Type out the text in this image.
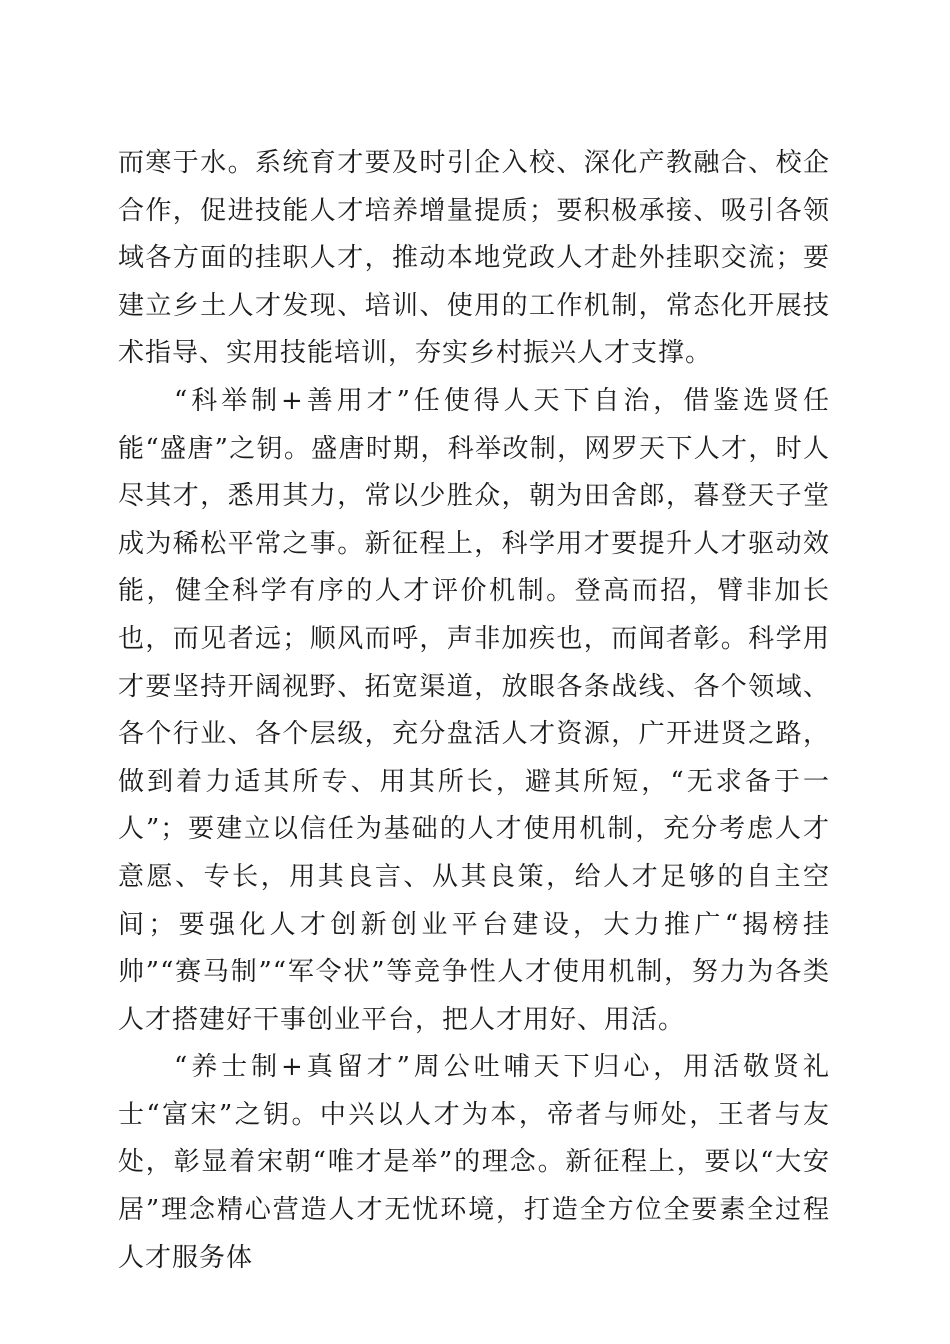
而寒于水。系统育才要及时引企入校、深化产教融合、校企合作，促进技能人才培养增量提质；要积极承接、吸引各领域各方面的挂职人才，推动本地党政人才赴外挂职交流；要建立乡土人才发现、培训、使用的工作机制，常态化开展技术指导、实用技能培训，夯实乡村振兴人才支撑。

“科举制+善用才”任使得人天下自治，借鉴选贤任能“盛唐”之钥。盛唐时期，科举改制，网罗天下人才，时人尽其才，悉用其力，常以少胜众，朝为田舍郎，暮登天子堂成为稀松平常之事。新征程上，科学用才要提升人才驱动效能，健全科学有序的人才评价机制。登高而招，臂非加长也，而见者远；顺风而呼，声非加疾也，而闻者彰。科学用才要坚持开阔视野、拓宽渠道，放眼各条战线、各个领域、各个行业、各个层级，充分盘活人才资源，广开进贤之路，做到着力适其所专、用其所长，避其所短，“无求备于一人”；要建立以信任为基础的人才使用机制，充分考虑人才意愿、专长，用其良言、从其良策，给人才足够的自主空间；要强化人才创新创业平台建设，大力推广“揭榜挂帅”“赛马制”“军令状”等竞争性人才使用机制，努力为各类人才搭建好干事创业平台，把人才用好、用活。

“养士制+真留才”周公吐哺天下归心，用活敬贤礼士“富宋”之钥。中兴以人才为本，帝者与师处，王者与友处，彰显着宋朝“唯才是举”的理念。新征程上，要以“大安居”理念精心营造人才无忧环境，打造全方位全要素全过程人才服务体
